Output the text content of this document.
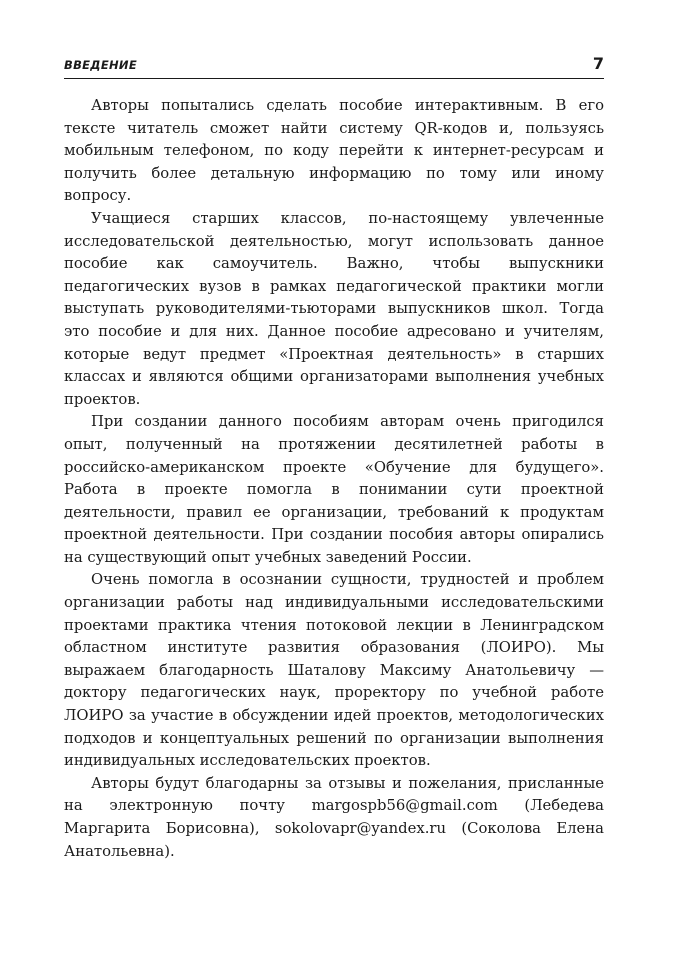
ВВЕДЕНИЕ	7

Авторы попытались сделать пособие интерактивным. В его тексте читатель сможет найти систему QR-кодов и, пользуясь мобильным телефоном, по коду перейти к интернет-ресурсам и получить более детальную информацию по тому или иному вопросу.

Учащиеся старших классов, по-настоящему увлеченные исследовательской деятельностью, могут использовать данное пособие как самоучитель. Важно, чтобы выпускники педагогических вузов в рамках педагогической практики могли выступать руководителями-тьюторами выпускников школ. Тогда это пособие и для них. Данное пособие адресовано и учителям, которые ведут предмет «Проектная деятельность» в старших классах и являются общими организаторами выполнения учебных проектов.

При создании данного пособиям авторам очень пригодился опыт, полученный на протяжении десятилетней работы в российско-американском проекте «Обучение для будущего». Работа в проекте помогла в понимании сути проектной деятельности, правил ее организации, требований к продуктам проектной деятельности. При создании пособия авторы опирались на существующий опыт учебных заведений России.

Очень помогла в осознании сущности, трудностей и проблем организации работы над индивидуальными исследовательскими проектами практика чтения потоковой лекции в Ленинградском областном институте развития образования (ЛОИРО). Мы выражаем благодарность Шаталову Максиму Анатольевичу — доктору педагогических наук, проректору по учебной работе ЛОИРО за участие в обсуждении идей проектов, методологических подходов и концептуальных решений по организации выполнения индивидуальных исследовательских проектов.

Авторы будут благодарны за отзывы и пожелания, присланные на электронную почту margospb56@gmail.com (Лебедева Маргарита Борисовна), sokolovapr@yandex.ru (Соколова Елена Анатольевна).
